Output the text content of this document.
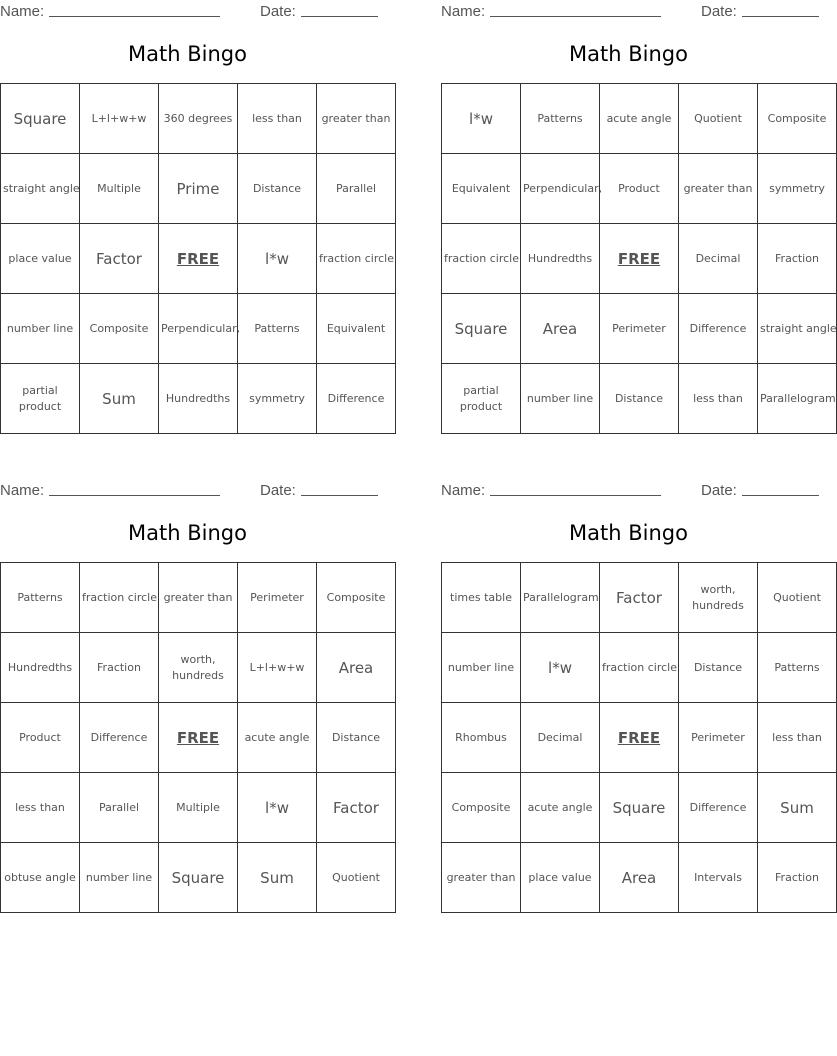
Name:	Date:
Math Bingo
Square	L+l+w+w	360 degrees	less than	greater than
straight angle	Multiple	Prime	Distance	Parallel
place value	Factor	FREE	l*w	fraction circle
number line	Composite	Perpendicular,	Patterns	Equivalent
partial product	Sum	Hundredths	symmetry	Difference
Name:	Date:
Math Bingo
l*w	Patterns	acute angle	Quotient	Composite
Equivalent	Perpendicular,	Product	greater than	symmetry
fraction circle	Hundredths	FREE	Decimal	Fraction
Square	Area	Perimeter	Difference	straight angle
partial product	number line	Distance	less than	Parallelogram
Name:	Date:
Math Bingo
Patterns	fraction circle	greater than	Perimeter	Composite
Hundredths	Fraction	worth, hundreds	L+l+w+w	Area
Product	Difference	FREE	acute angle	Distance
less than	Parallel	Multiple	l*w	Factor
obtuse angle	number line	Square	Sum	Quotient
Name:	Date:
Math Bingo
times table	Parallelogram	Factor	worth, hundreds	Quotient
number line	l*w	fraction circle	Distance	Patterns
Rhombus	Decimal	FREE	Perimeter	less than
Composite	acute angle	Square	Difference	Sum
greater than	place value	Area	Intervals	Fraction
